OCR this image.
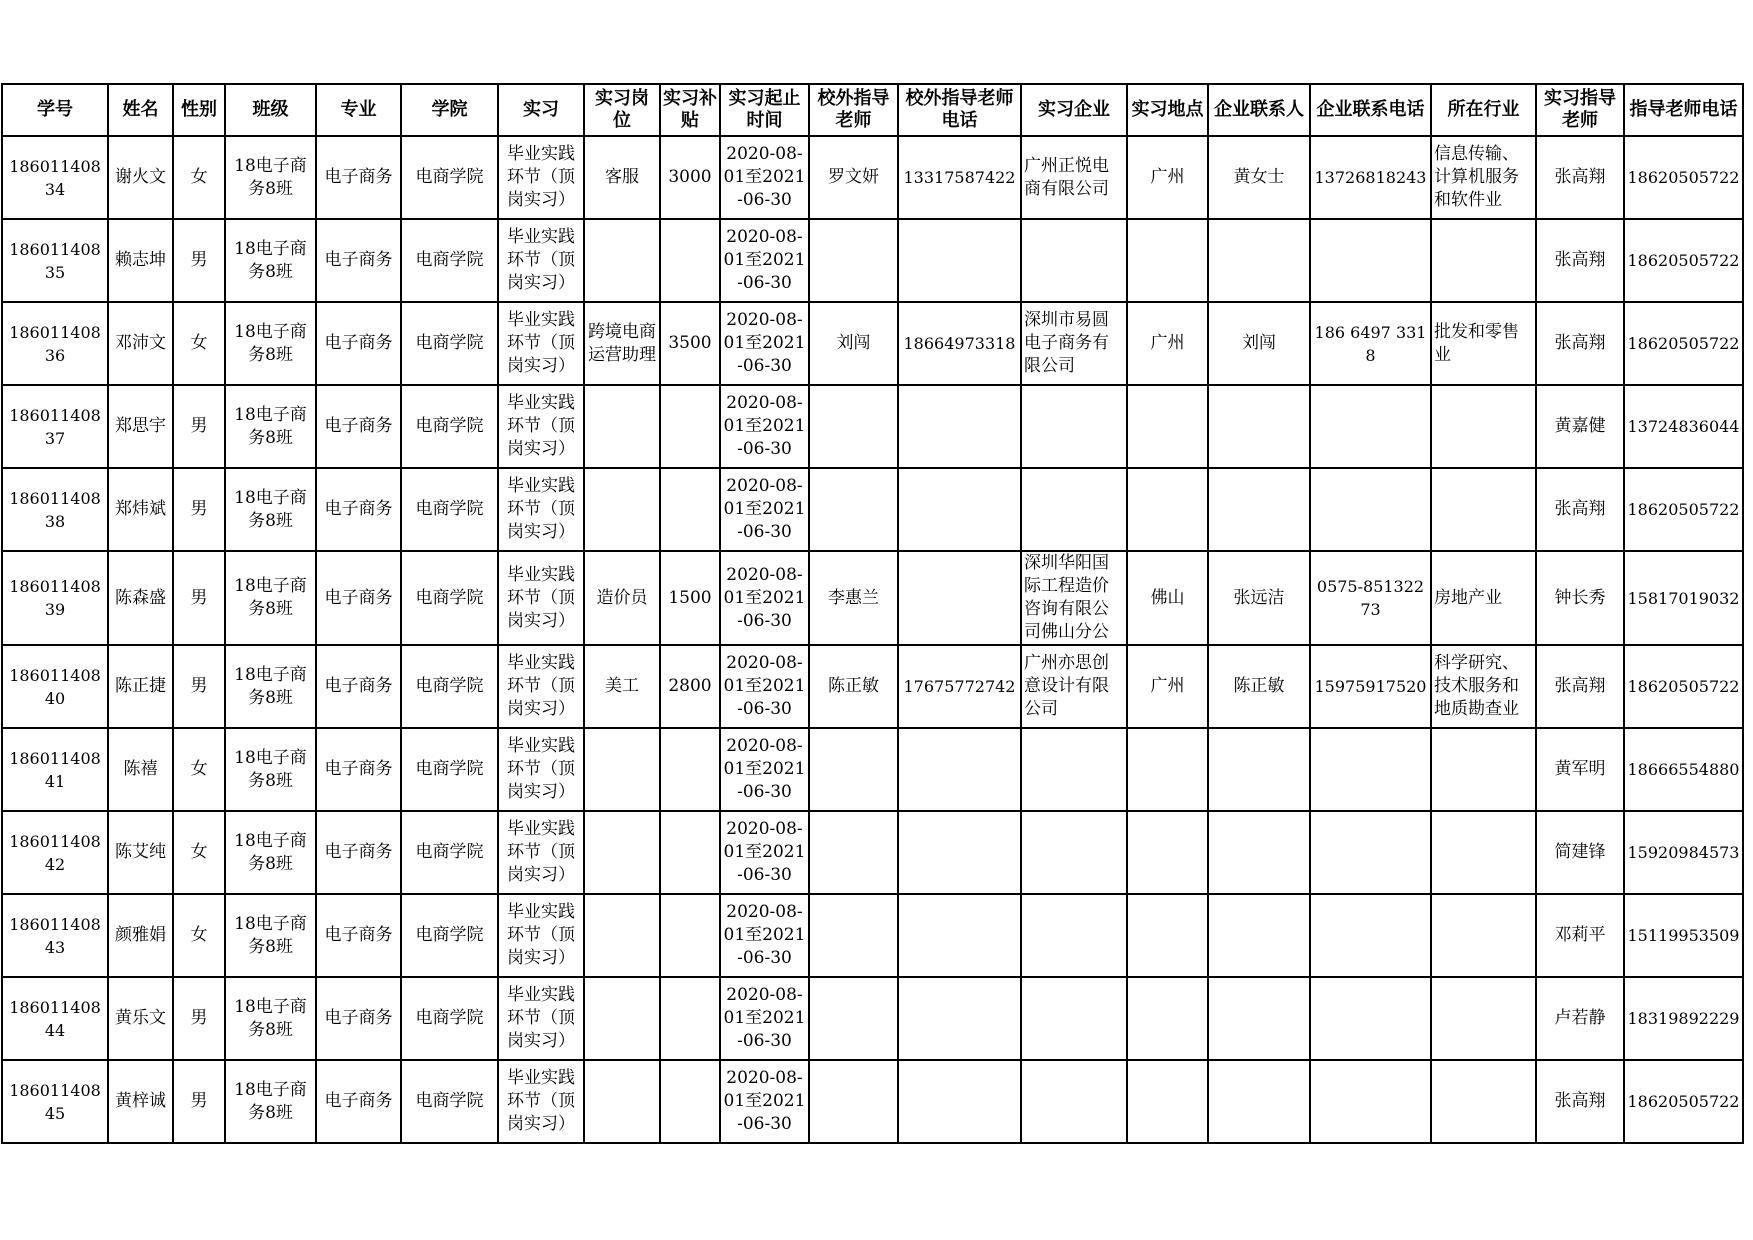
学号	姓名	性别	班级	专业	学院	实习	实习岗位	实习补贴	实习起止时间	校外指导老师	校外指导老师电话	实习企业	实习地点	企业联系人	企业联系电话	所在行业	实习指导老师	指导老师电话

18601140834	谢火文	女	18电子商务8班	电子商务	电商学院	毕业实践环节（顶岗实习）	客服	3000	2020-08-01至2021-06-30	罗文妍	13317587422	广州正悦电商有限公司	广州	黄女士	13726818243	信息传输、计算机服务和软件业	张高翔	18620505722

18601140835	赖志坤	男	18电子商务8班	电子商务	电商学院	毕业实践环节（顶岗实习）			2020-08-01至2021-06-30								张高翔	18620505722

18601140836	邓沛文	女	18电子商务8班	电子商务	电商学院	毕业实践环节（顶岗实习）	跨境电商运营助理	3500	2020-08-01至2021-06-30	刘闯	18664973318	深圳市易圆电子商务有限公司	广州	刘闯	186 6497 3318	批发和零售业	张高翔	18620505722

18601140837	郑思宇	男	18电子商务8班	电子商务	电商学院	毕业实践环节（顶岗实习）			2020-08-01至2021-06-30								黄嘉健	13724836044

18601140838	郑炜斌	男	18电子商务8班	电子商务	电商学院	毕业实践环节（顶岗实习）			2020-08-01至2021-06-30								张高翔	18620505722

18601140839	陈森盛	男	18电子商务8班	电子商务	电商学院	毕业实践环节（顶岗实习）	造价员	1500	2020-08-01至2021-06-30	李惠兰		深圳华阳国际工程造价咨询有限公司佛山分公	佛山	张远洁	0575-85132273	房地产业	钟长秀	15817019032

18601140840	陈正捷	男	18电子商务8班	电子商务	电商学院	毕业实践环节（顶岗实习）	美工	2800	2020-08-01至2021-06-30	陈正敏	17675772742	广州亦思创意设计有限公司	广州	陈正敏	15975917520	科学研究、技术服务和地质勘查业	张高翔	18620505722

18601140841	陈禧	女	18电子商务8班	电子商务	电商学院	毕业实践环节（顶岗实习）			2020-08-01至2021-06-30								黄军明	18666554880

18601140842	陈艾纯	女	18电子商务8班	电子商务	电商学院	毕业实践环节（顶岗实习）			2020-08-01至2021-06-30								简建锋	15920984573

18601140843	颜雅娟	女	18电子商务8班	电子商务	电商学院	毕业实践环节（顶岗实习）			2020-08-01至2021-06-30								邓莉平	15119953509

18601140844	黄乐文	男	18电子商务8班	电子商务	电商学院	毕业实践环节（顶岗实习）			2020-08-01至2021-06-30								卢若静	18319892229

18601140845	黄梓诚	男	18电子商务8班	电子商务	电商学院	毕业实践环节（顶岗实习）			2020-08-01至2021-06-30								张高翔	18620505722
